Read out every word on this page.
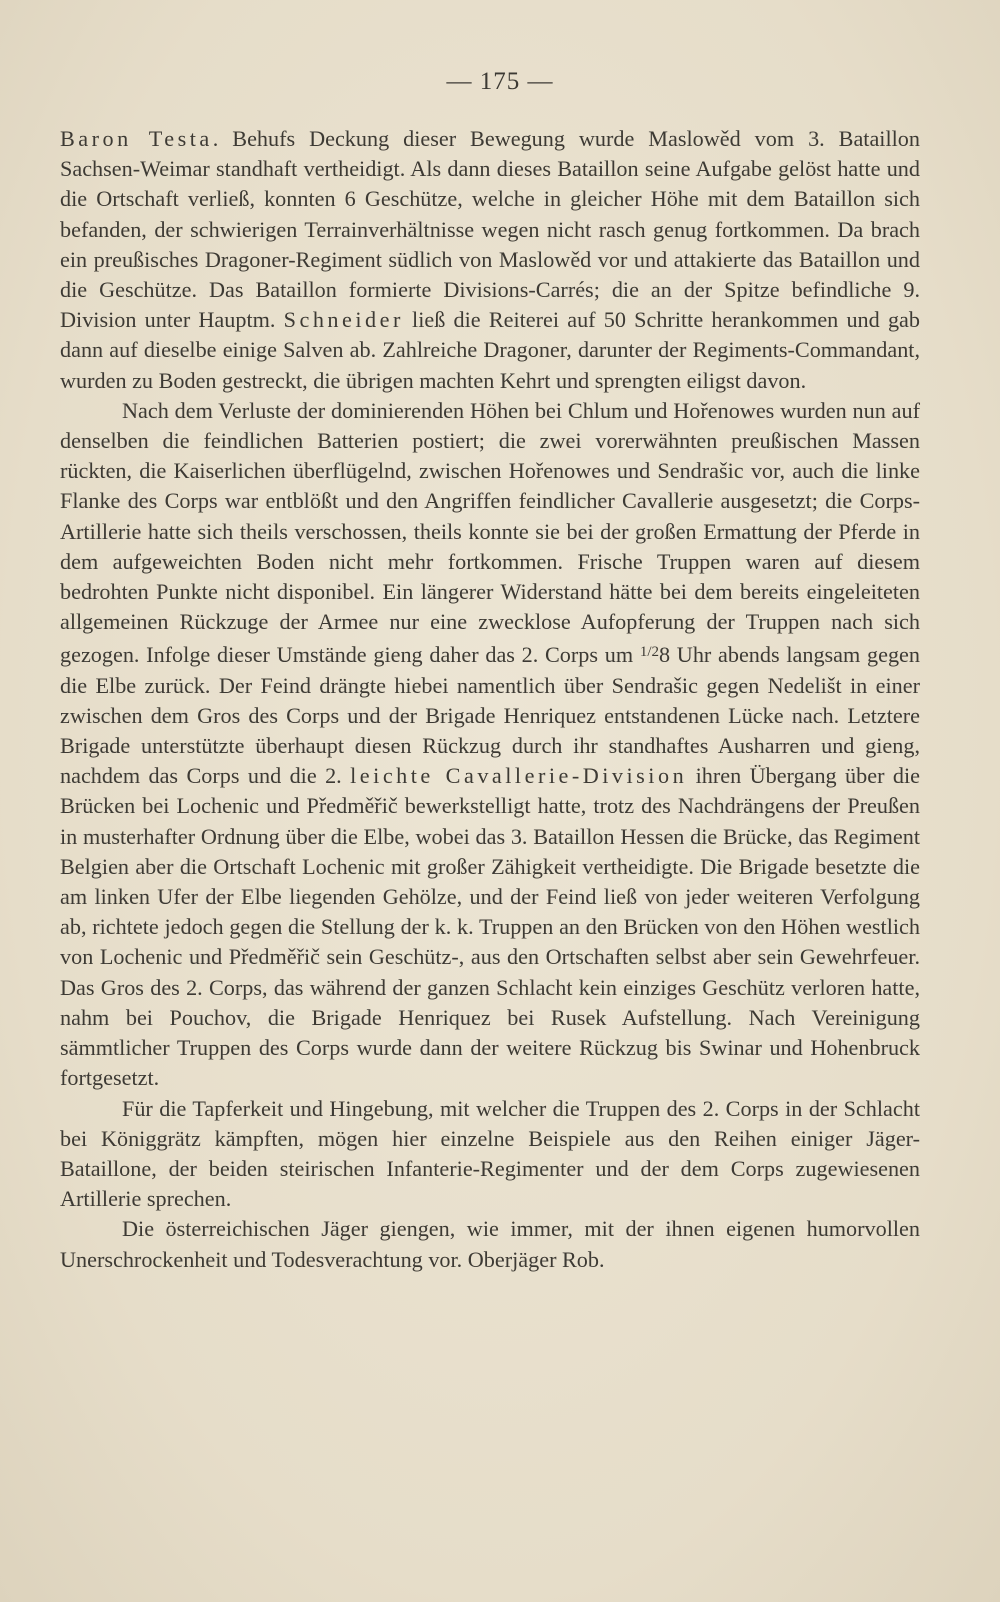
— 175 —

Baron Testa. Behufs Deckung dieser Bewegung wurde Maslowěd vom 3. Bataillon Sachsen-Weimar standhaft vertheidigt. Als dann dieses Bataillon seine Aufgabe gelöst hatte und die Ortschaft verließ, konnten 6 Geschütze, welche in gleicher Höhe mit dem Bataillon sich befanden, der schwierigen Terrainverhältnisse wegen nicht rasch genug fortkommen. Da brach ein preußisches Dragoner-Regiment südlich von Maslowěd vor und attakierte das Bataillon und die Geschütze. Das Bataillon formierte Divisions-Carrés; die an der Spitze befindliche 9. Division unter Hauptm. Schneider ließ die Reiterei auf 50 Schritte herankommen und gab dann auf dieselbe einige Salven ab. Zahlreiche Dragoner, darunter der Regiments-Commandant, wurden zu Boden gestreckt, die übrigen machten Kehrt und sprengten eiligst davon.

Nach dem Verluste der dominierenden Höhen bei Chlum und Hořenowes wurden nun auf denselben die feindlichen Batterien postiert; die zwei vorerwähnten preußischen Massen rückten, die Kaiserlichen überflügelnd, zwischen Hořenowes und Sendrašic vor, auch die linke Flanke des Corps war entblößt und den Angriffen feindlicher Cavallerie ausgesetzt; die Corps-Artillerie hatte sich theils verschossen, theils konnte sie bei der großen Ermattung der Pferde in dem aufgeweichten Boden nicht mehr fortkommen. Frische Truppen waren auf diesem bedrohten Punkte nicht disponibel. Ein längerer Widerstand hätte bei dem bereits eingeleiteten allgemeinen Rückzuge der Armee nur eine zwecklose Aufopferung der Truppen nach sich gezogen. Infolge dieser Umstände gieng daher das 2. Corps um $^{1/2}$8 Uhr abends langsam gegen die Elbe zurück. Der Feind drängte hiebei namentlich über Sendrašic gegen Nedelišt in einer zwischen dem Gros des Corps und der Brigade Henriquez entstandenen Lücke nach. Letztere Brigade unterstützte überhaupt diesen Rückzug durch ihr standhaftes Ausharren und gieng, nachdem das Corps und die 2. leichte Cavallerie-Division ihren Übergang über die Brücken bei Lochenic und Předměřič bewerkstelligt hatte, trotz des Nachdrängens der Preußen in musterhafter Ordnung über die Elbe, wobei das 3. Bataillon Hessen die Brücke, das Regiment Belgien aber die Ortschaft Lochenic mit großer Zähigkeit vertheidigte. Die Brigade besetzte die am linken Ufer der Elbe liegenden Gehölze, und der Feind ließ von jeder weiteren Verfolgung ab, richtete jedoch gegen die Stellung der k. k. Truppen an den Brücken von den Höhen westlich von Lochenic und Předměřič sein Geschütz-, aus den Ortschaften selbst aber sein Gewehrfeuer. Das Gros des 2. Corps, das während der ganzen Schlacht kein einziges Geschütz verloren hatte, nahm bei Pouchov, die Brigade Henriquez bei Rusek Aufstellung. Nach Vereinigung sämmtlicher Truppen des Corps wurde dann der weitere Rückzug bis Swinar und Hohenbruck fortgesetzt.

Für die Tapferkeit und Hingebung, mit welcher die Truppen des 2. Corps in der Schlacht bei Königgrätz kämpften, mögen hier einzelne Beispiele aus den Reihen einiger Jäger-Bataillone, der beiden steirischen Infanterie-Regimenter und der dem Corps zugewiesenen Artillerie sprechen.

Die österreichischen Jäger giengen, wie immer, mit der ihnen eigenen humorvollen Unerschrockenheit und Todesverachtung vor. Oberjäger Rob.
